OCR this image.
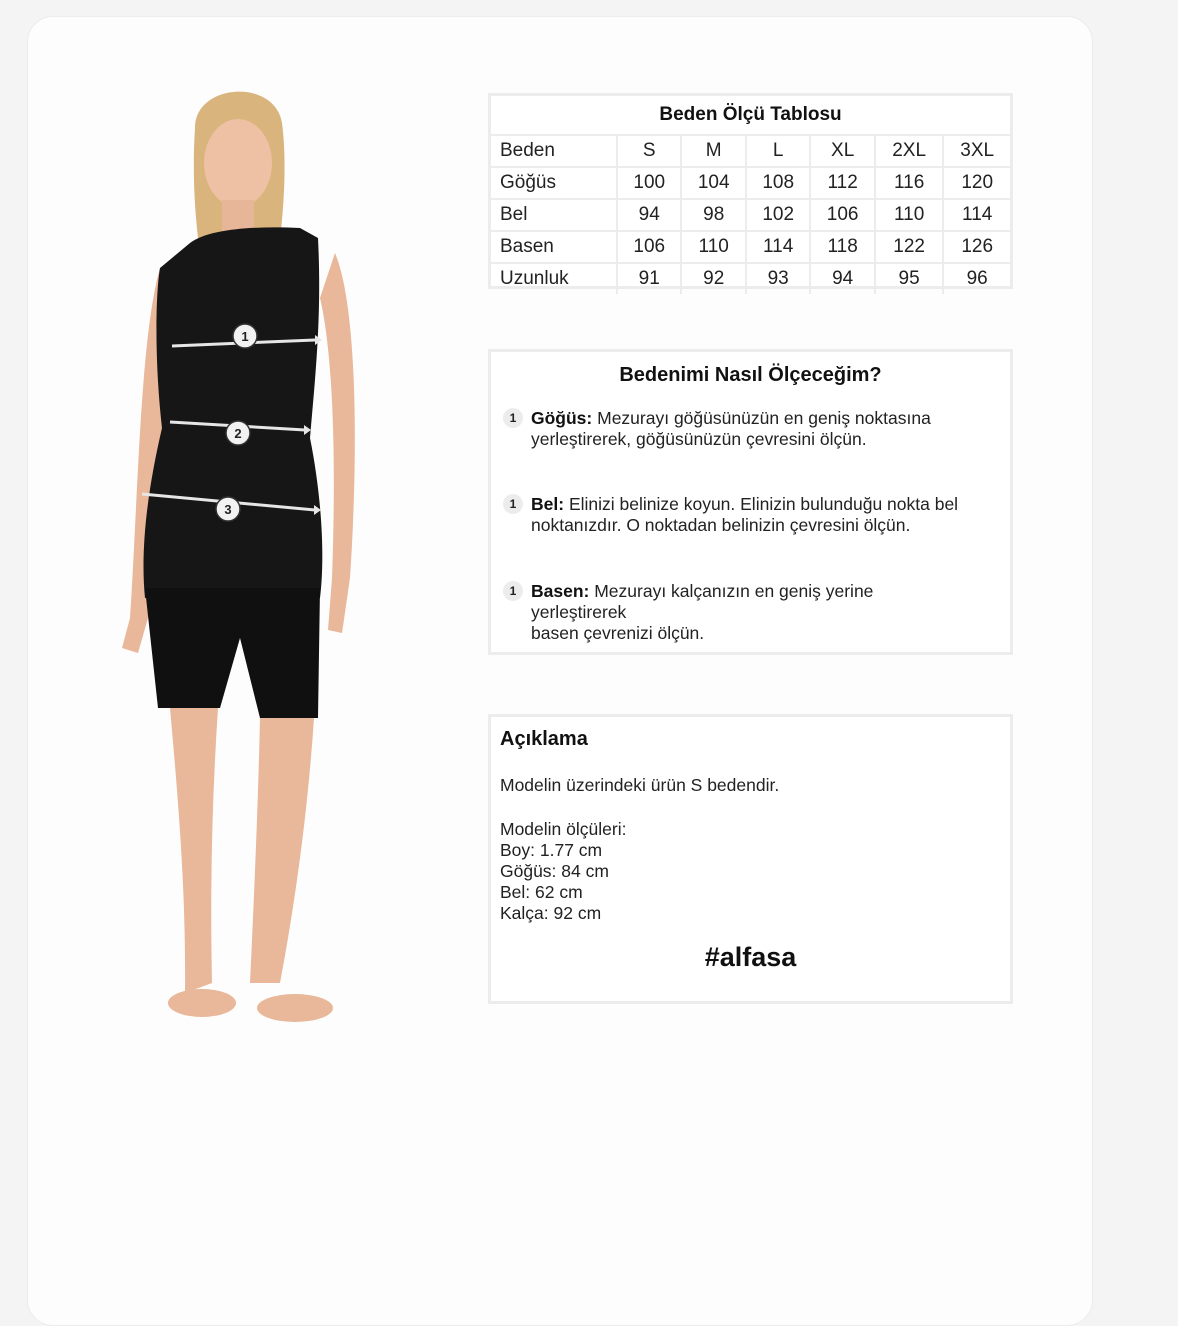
1
2
3
Beden Ölçü Tablosu
Beden	S	M	L	XL	2XL	3XL
Göğüs	100	104	108	112	116	120
Bel	94	98	102	106	110	114
Basen	106	110	114	118	122	126
Uzunluk	91	92	93	94	95	96
Bedenimi Nasıl Ölçeceğim?
1 Göğüs: Mezurayı göğüsünüzün en geniş noktasına
yerleştirerek, göğüsünüzün çevresini ölçün.
1 Bel: Elinizi belinize koyun. Elinizin bulunduğu nokta bel
noktanızdır. O noktadan belinizin çevresini ölçün.
1 Basen: Mezurayı kalçanızın en geniş yerine yerleştirerek
basen çevrenizi ölçün.
Açıklama
Modelin üzerindeki ürün S bedendir.
Modelin ölçüleri:
Boy: 1.77 cm
Göğüs: 84 cm
Bel: 62 cm
Kalça: 92 cm
#alfasa
